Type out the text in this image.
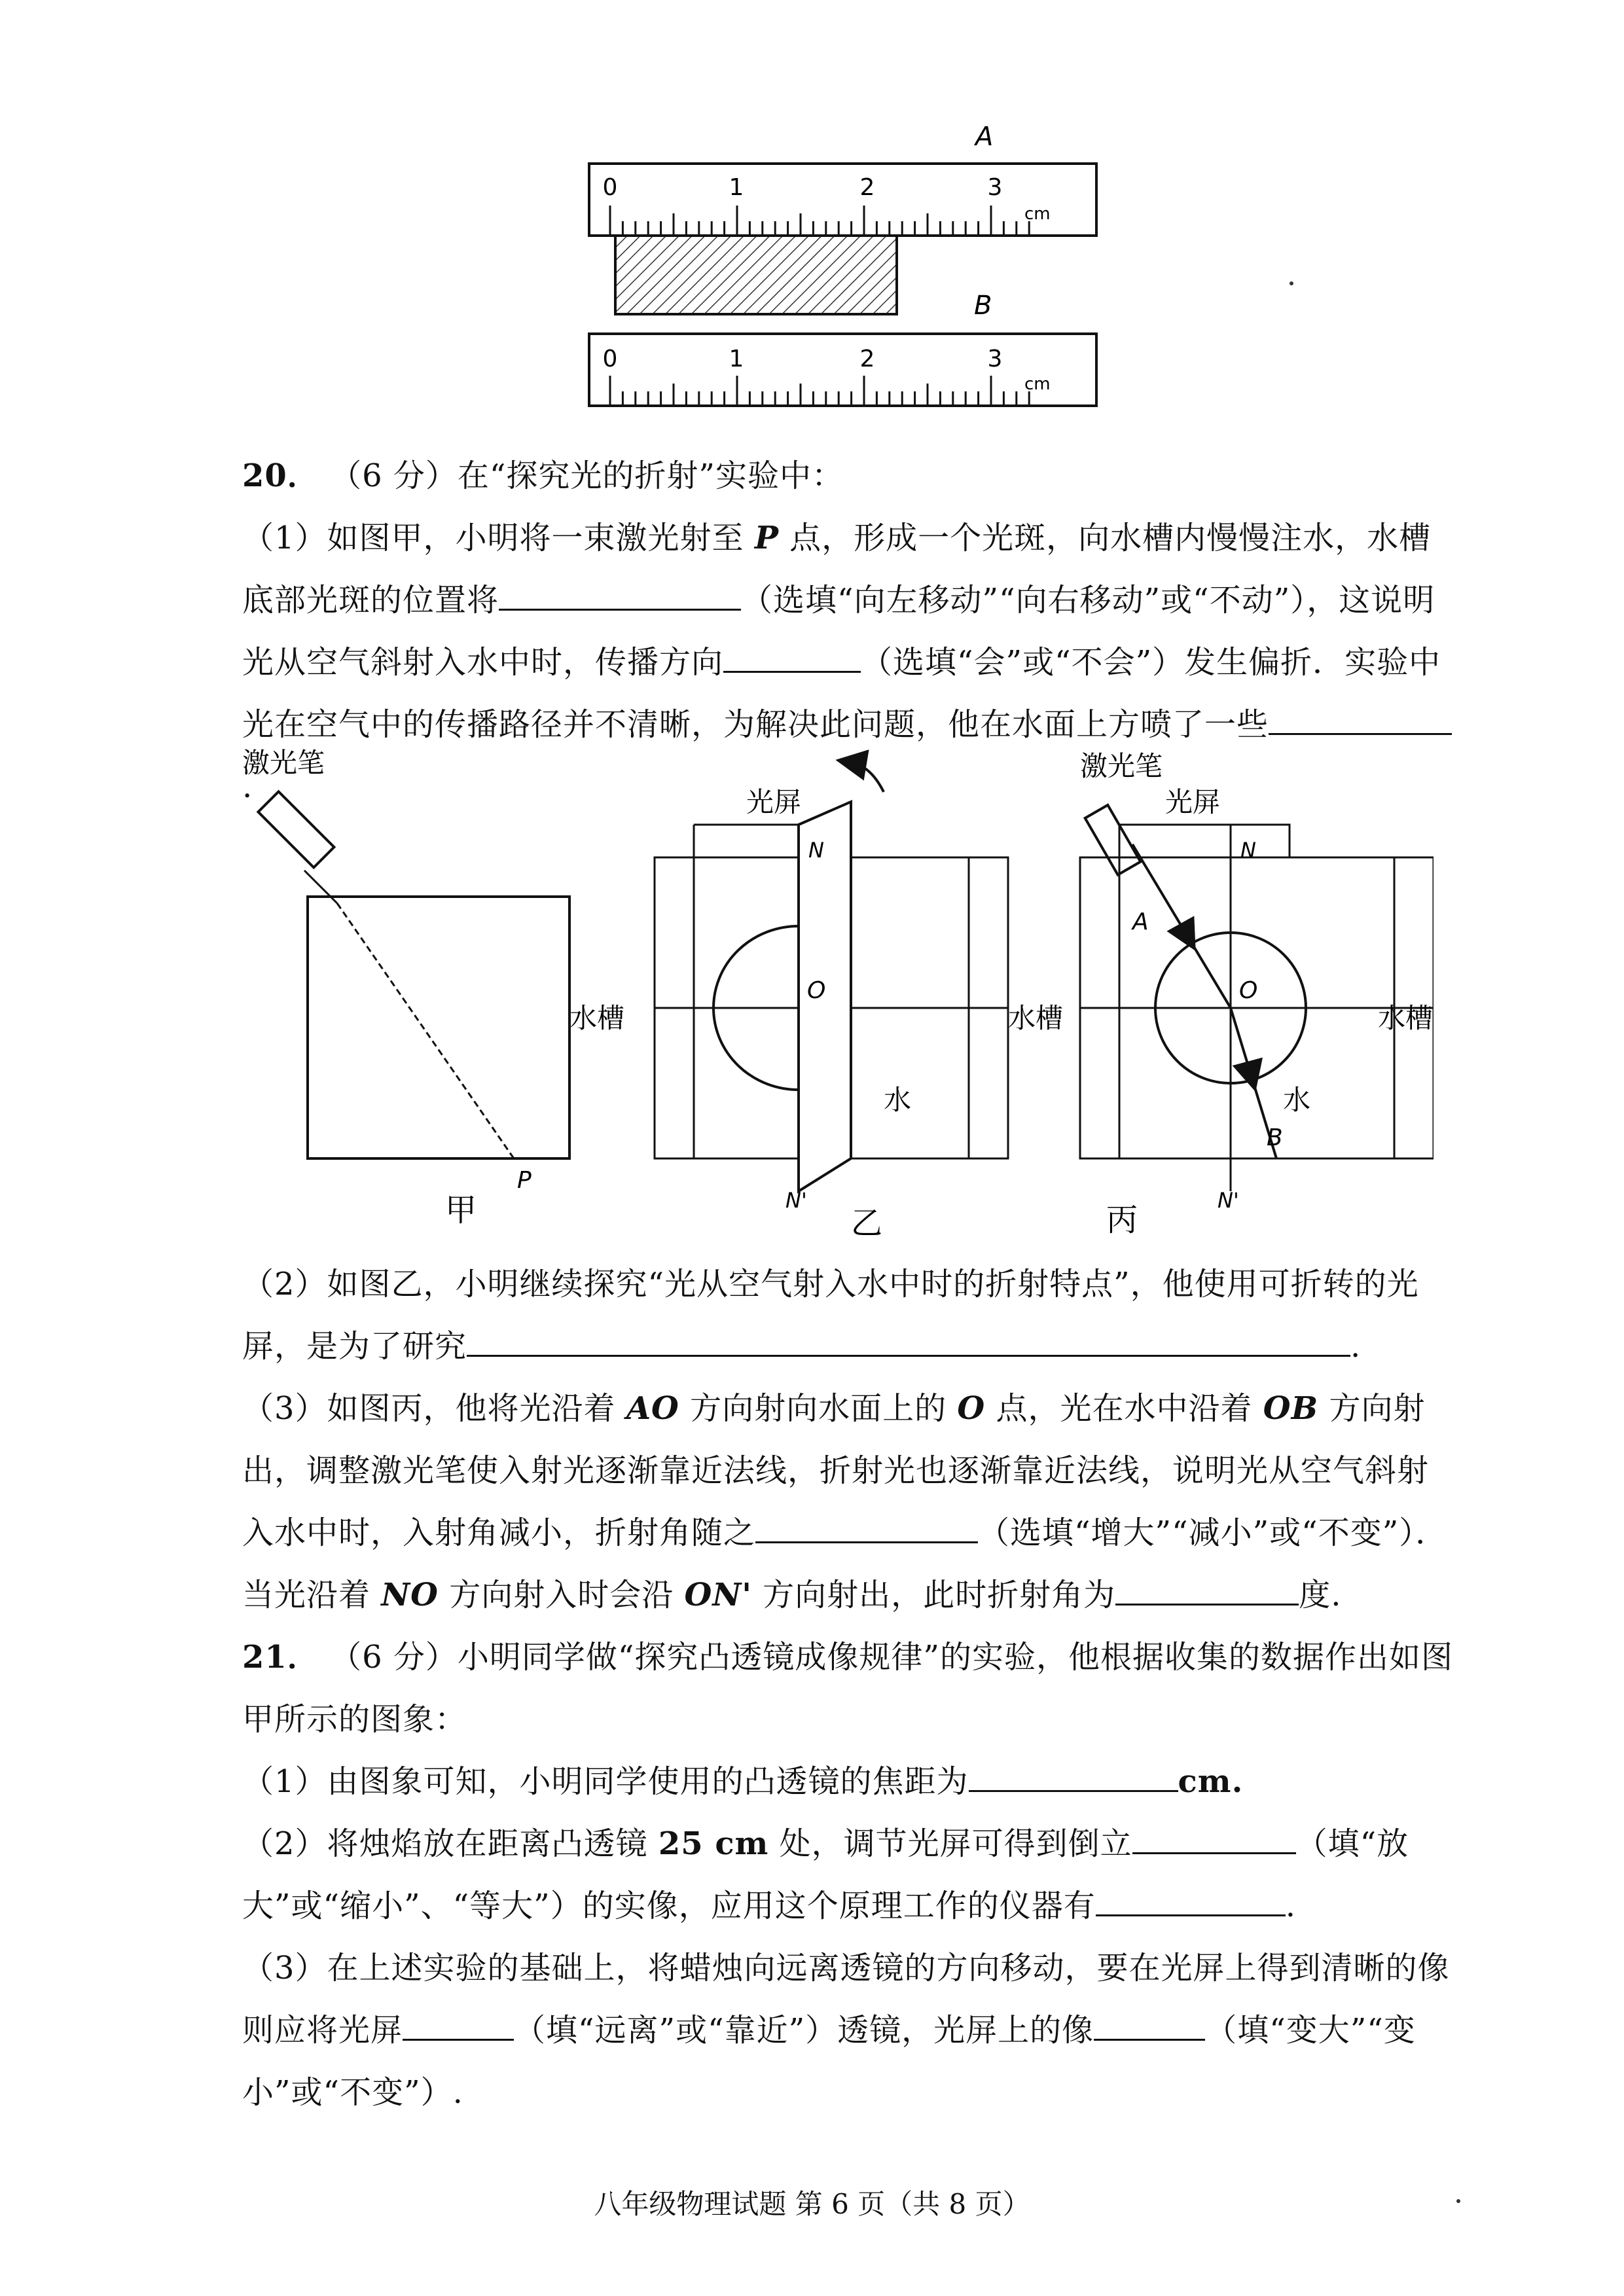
A
0	1	2	3
cm
B
0	1	2	3
cm

20． （6 分）在“探究光的折射”实验中：

（1）如图甲，小明将一束激光射至 P 点，形成一个光斑，向水槽内慢慢注水，水槽底部光斑的位置将	（选填“向左移动”“向右移动”或“不动”），这说明光从空气斜射入水中时，传播方向	（选填“会”或“不会”）发生偏折．实验中光在空气中的传播路径并不清晰，为解决此问题，他在水面上方喷了一些.

激光笔
水槽
P
甲
光屏
N
O
水槽
水
N'
乙
激光笔
光屏
N
A
O
B
水
水槽
N'
丙

（2）如图乙，小明继续探究“光从空气射入水中时的折射特点”，他使用可折转的光屏，是为了研究	.

（3）如图丙，他将光沿着 AO 方向射向水面上的 O 点，光在水中沿着 OB 方向射出，调整激光笔使入射光逐渐靠近法线，折射光也逐渐靠近法线，说明光从空气斜射入水中时，入射角减小，折射角随之	（选填“增大”“减小”或“不变”）．当光沿着 NO 方向射入时会沿 ON' 方向射出，此时折射角为	度.

21． （6 分）小明同学做“探究凸透镜成像规律”的实验，他根据收集的数据作出如图甲所示的图象：

（1）由图象可知，小明同学使用的凸透镜的焦距为	cm.

（2）将烛焰放在距离凸透镜 25 cm 处，调节光屏可得到倒立	（填“放大”或“缩小”、“等大”）的实像，应用这个原理工作的仪器有	.

（3）在上述实验的基础上，将蜡烛向远离透镜的方向移动，要在光屏上得到清晰的像则应将光屏	（填“远离”或“靠近”）透镜，光屏上的像	（填“变大”“变小”或“不变”）.

八年级物理试题 第 6 页（共 8 页）
